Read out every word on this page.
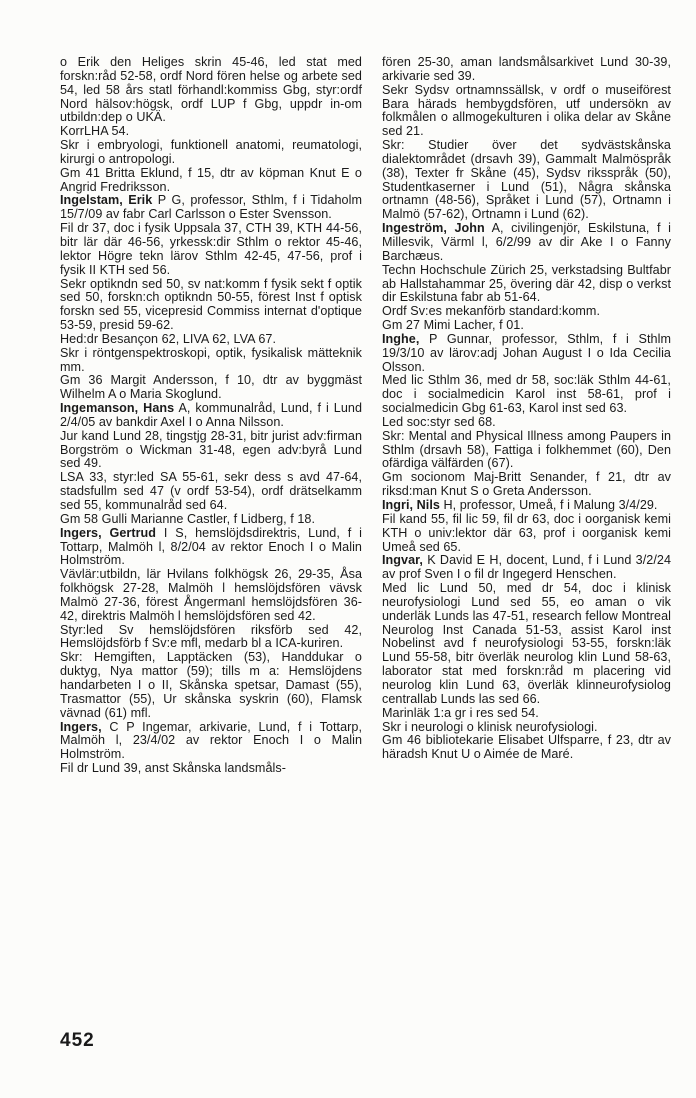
o Erik den Heliges skrin 45-46, led stat med forskn:råd 52-58, ordf Nord fören helse og arbete sed 54, led 58 års statl förhandl:kommiss Gbg, styr:ordf Nord hälsov:högsk, ordf LUP f Gbg, uppdr in-om utbildn:dep o UKÄ.

KorrLHA 54.

Skr i embryologi, funktionell anatomi, reumatologi, kirurgi o antropologi.

Gm 41 Britta Eklund, f 15, dtr av köpman Knut E o Angrid Fredriksson.

Ingelstam, Erik P G, professor, Sthlm, f i Tidaholm 15/7/09 av fabr Carl Carlsson o Ester Svensson.

Fil dr 37, doc i fysik Uppsala 37, CTH 39, KTH 44-56, bitr lär där 46-56, yrkessk:dir Sthlm o rektor 45-46, lektor Högre tekn lärov Sthlm 42-45, 47-56, prof i fysik II KTH sed 56.

Sekr optikndn sed 50, sv nat:komm f fysik sekt f optik sed 50, forskn:ch optikndn 50-55, förest Inst f optisk forskn sed 55, vicepresid Commiss internat d'optique 53-59, presid 59-62.

Hed:dr Besançon 62, LIVA 62, LVA 67.

Skr i röntgenspektroskopi, optik, fysikalisk mätteknik mm.

Gm 36 Margit Andersson, f 10, dtr av byggmäst Wilhelm A o Maria Skoglund.

Ingemanson, Hans A, kommunalråd, Lund, f i Lund 2/4/05 av bankdir Axel I o Anna Nilsson.

Jur kand Lund 28, tingstjg 28-31, bitr jurist adv:firman Borgström o Wickman 31-48, egen adv:byrå Lund sed 49.

LSA 33, styr:led SA 55-61, sekr dess s avd 47-64, stadsfullm sed 47 (v ordf 53-54), ordf drätselkamm sed 55, kommunalråd sed 64.

Gm 58 Gulli Marianne Castler, f Lidberg, f 18.

Ingers, Gertrud I S, hemslöjdsdirektris, Lund, f i Tottarp, Malmöh l, 8/2/04 av rektor Enoch I o Malin Holmström.

Vävlär:utbildn, lär Hvilans folkhögsk 26, 29-35, Åsa folkhögsk 27-28, Malmöh l hemslöjdsfören vävsk Malmö 27-36, förest Ångermanl hemslöjdsfören 36-42, direktris Malmöh l hemslöjdsfören sed 42.

Styr:led Sv hemslöjdsfören riksförb sed 42, Hemslöjdsförb f Sv:e mfl, medarb bl a ICA-kuriren.

Skr: Hemgiften, Lapptäcken (53), Handdukar o duktyg, Nya mattor (59); tills m a: Hemslöjdens handarbeten I o II, Skånska spetsar, Damast (55), Trasmattor (55), Ur skånska syskrin (60), Flamsk vävnad (61) mfl.

Ingers, C P Ingemar, arkivarie, Lund, f i Tottarp, Malmöh l, 23/4/02 av rektor Enoch I o Malin Holmström.

Fil dr Lund 39, anst Skånska landsmåls-

fören 25-30, aman landsmålsarkivet Lund 30-39, arkivarie sed 39.

Sekr Sydsv ortnamnssällsk, v ordf o museiförest Bara härads hembygdsfören, utf undersökn av folkmålen o allmogekulturen i olika delar av Skåne sed 21.

Skr: Studier över det sydvästskånska dialektområdet (drsavh 39), Gammalt Malmöspråk (38), Texter fr Skåne (45), Sydsv riksspråk (50), Studentkaserner i Lund (51), Några skånska ortnamn (48-56), Språket i Lund (57), Ortnamn i Malmö (57-62), Ortnamn i Lund (62).

Ingeström, John A, civilingenjör, Eskilstuna, f i Millesvik, Värml l, 6/2/99 av dir Ake I o Fanny Barchæus.

Techn Hochschule Zürich 25, verkstadsing Bultfabr ab Hallstahammar 25, övering där 42, disp o verkst dir Eskilstuna fabr ab 51-64.

Ordf Sv:es mekanförb standard:komm.

Gm 27 Mimi Lacher, f 01.

Inghe, P Gunnar, professor, Sthlm, f i Sthlm 19/3/10 av lärov:adj Johan August I o Ida Cecilia Olsson.

Med lic Sthlm 36, med dr 58, soc:läk Sthlm 44-61, doc i socialmedicin Karol inst 58-61, prof i socialmedicin Gbg 61-63, Karol inst sed 63.

Led soc:styr sed 68.

Skr: Mental and Physical Illness among Paupers in Sthlm (drsavh 58), Fattiga i folkhemmet (60), Den ofärdiga välfärden (67).

Gm socionom Maj-Britt Senander, f 21, dtr av riksd:man Knut S o Greta Andersson.

Ingri, Nils H, professor, Umeå, f i Malung 3/4/29.

Fil kand 55, fil lic 59, fil dr 63, doc i oorganisk kemi KTH o univ:lektor där 63, prof i oorganisk kemi Umeå sed 65.

Ingvar, K David E H, docent, Lund, f i Lund 3/2/24 av prof Sven I o fil dr Ingegerd Henschen.

Med lic Lund 50, med dr 54, doc i klinisk neurofysiologi Lund sed 55, eo aman o vik underläk Lunds las 47-51, research fellow Montreal Neurolog Inst Canada 51-53, assist Karol inst Nobelinst avd f neurofysiologi 53-55, forskn:läk Lund 55-58, bitr överläk neurolog klin Lund 58-63, laborator stat med forskn:råd m placering vid neurolog klin Lund 63, överläk klinneurofysiolog centrallab Lunds las sed 66.

Marinläk 1:a gr i res sed 54.

Skr i neurologi o klinisk neurofysiologi.

Gm 46 bibliotekarie Elisabet Ulfsparre, f 23, dtr av häradsh Knut U o Aimée de Maré.

452
